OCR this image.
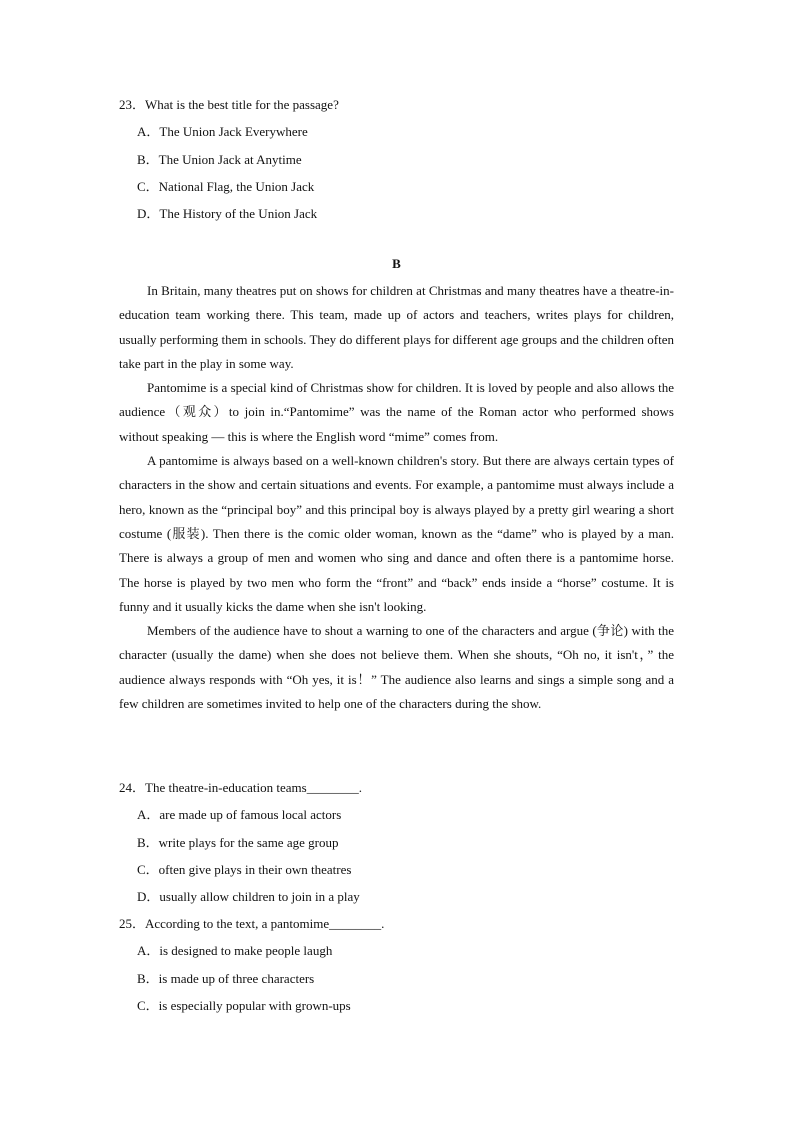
23．What is the best title for the passage?
A．The Union Jack Everywhere
B．The Union Jack at Anytime
C．National Flag, the Union Jack
D．The History of the Union Jack
B

In Britain, many theatres put on shows for children at Christmas and many theatres have a theatre-in-education team working there. This team, made up of actors and teachers, writes plays for children, usually performing them in schools. They do different plays for different age groups and the children often take part in the play in some way.

Pantomime is a special kind of Christmas show for children. It is loved by people and also allows the audience（观众）to join in.“Pantomime” was the name of the Roman actor who performed shows without speaking — this is where the English word “mime” comes from.

A pantomime is always based on a well-known children's story. But there are always certain types of characters in the show and certain situations and events. For example, a pantomime must always include a hero, known as the “principal boy” and this principal boy is always played by a pretty girl wearing a short costume (服装). Then there is the comic older woman, known as the “dame” who is played by a man. There is always a group of men and women who sing and dance and often there is a pantomime horse. The horse is played by two men who form the “front” and “back” ends inside a “horse” costume. It is funny and it usually kicks the dame when she isn't looking.

Members of the audience have to shout a warning to one of the characters and argue (争论) with the character (usually the dame) when she does not believe them. When she shouts, “Oh no, it isn't，” the audience always responds with “Oh yes, it is！” The audience also learns and sings a simple song and a few children are sometimes invited to help one of the characters during the show.

24．The theatre-in-education teams________.
A．are made up of famous local actors
B．write plays for the same age group
C．often give plays in their own theatres
D．usually allow children to join in a play
25．According to the text, a pantomime________.
A．is designed to make people laugh
B．is made up of three characters
C．is especially popular with grown-ups
